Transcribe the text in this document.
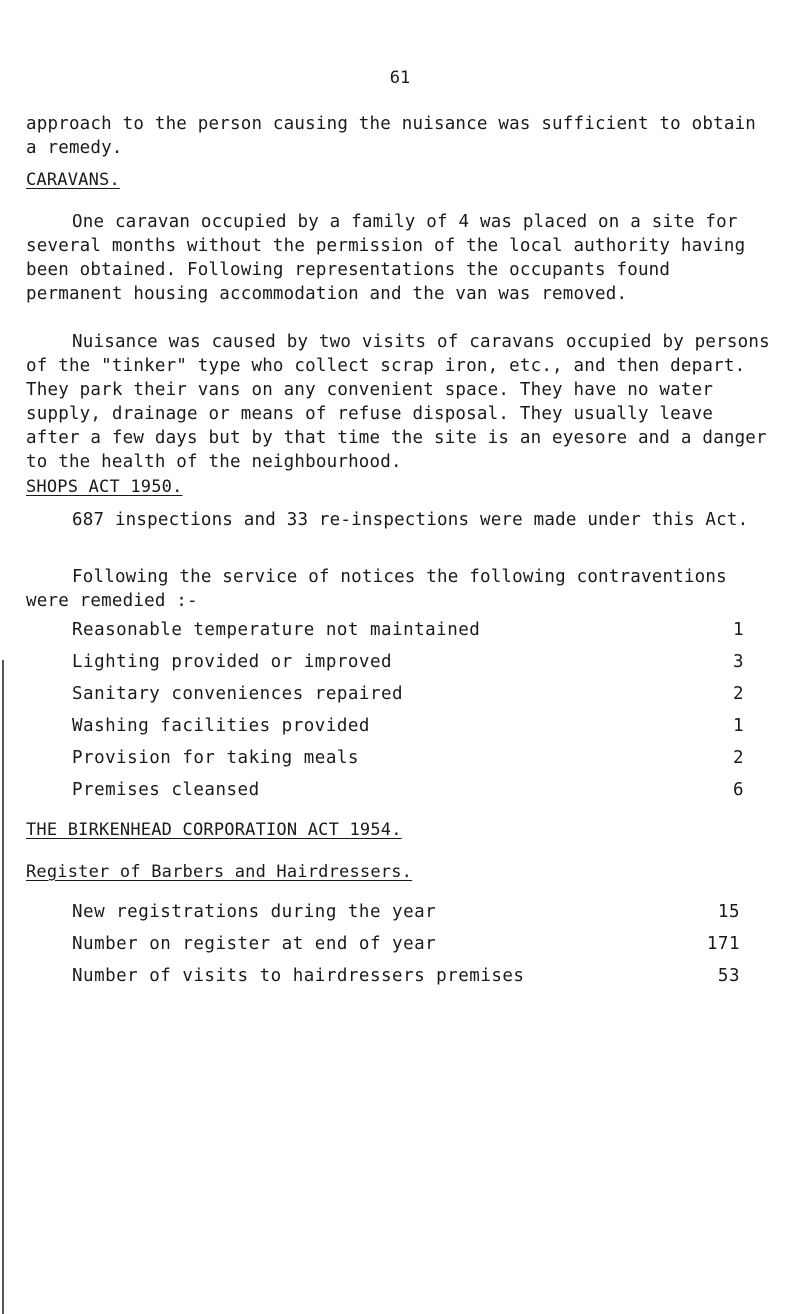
61

approach to the person causing the nuisance was sufficient to obtain a remedy.

CARAVANS.

One caravan occupied by a family of 4 was placed on a site for several months without the permission of the local authority having been obtained. Following representations the occupants found permanent housing accommodation and the van was removed.

Nuisance was caused by two visits of caravans occupied by persons of the "tinker" type who collect scrap iron, etc., and then depart. They park their vans on any convenient space. They have no water supply, drainage or means of refuse disposal. They usually leave after a few days but by that time the site is an eyesore and a danger to the health of the neighbourhood.

SHOPS ACT 1950.

687 inspections and 33 re-inspections were made under this Act.

Following the service of notices the following contraventions were remedied :-

Reasonable temperature not maintained	1
Lighting provided or improved	3
Sanitary conveniences repaired	2
Washing facilities provided	1
Provision for taking meals	2
Premises cleansed	6
THE BIRKENHEAD CORPORATION ACT 1954.
Register of Barbers and Hairdressers.
New registrations during the year	15
Number on register at end of year	171
Number of visits to hairdressers premises	53
